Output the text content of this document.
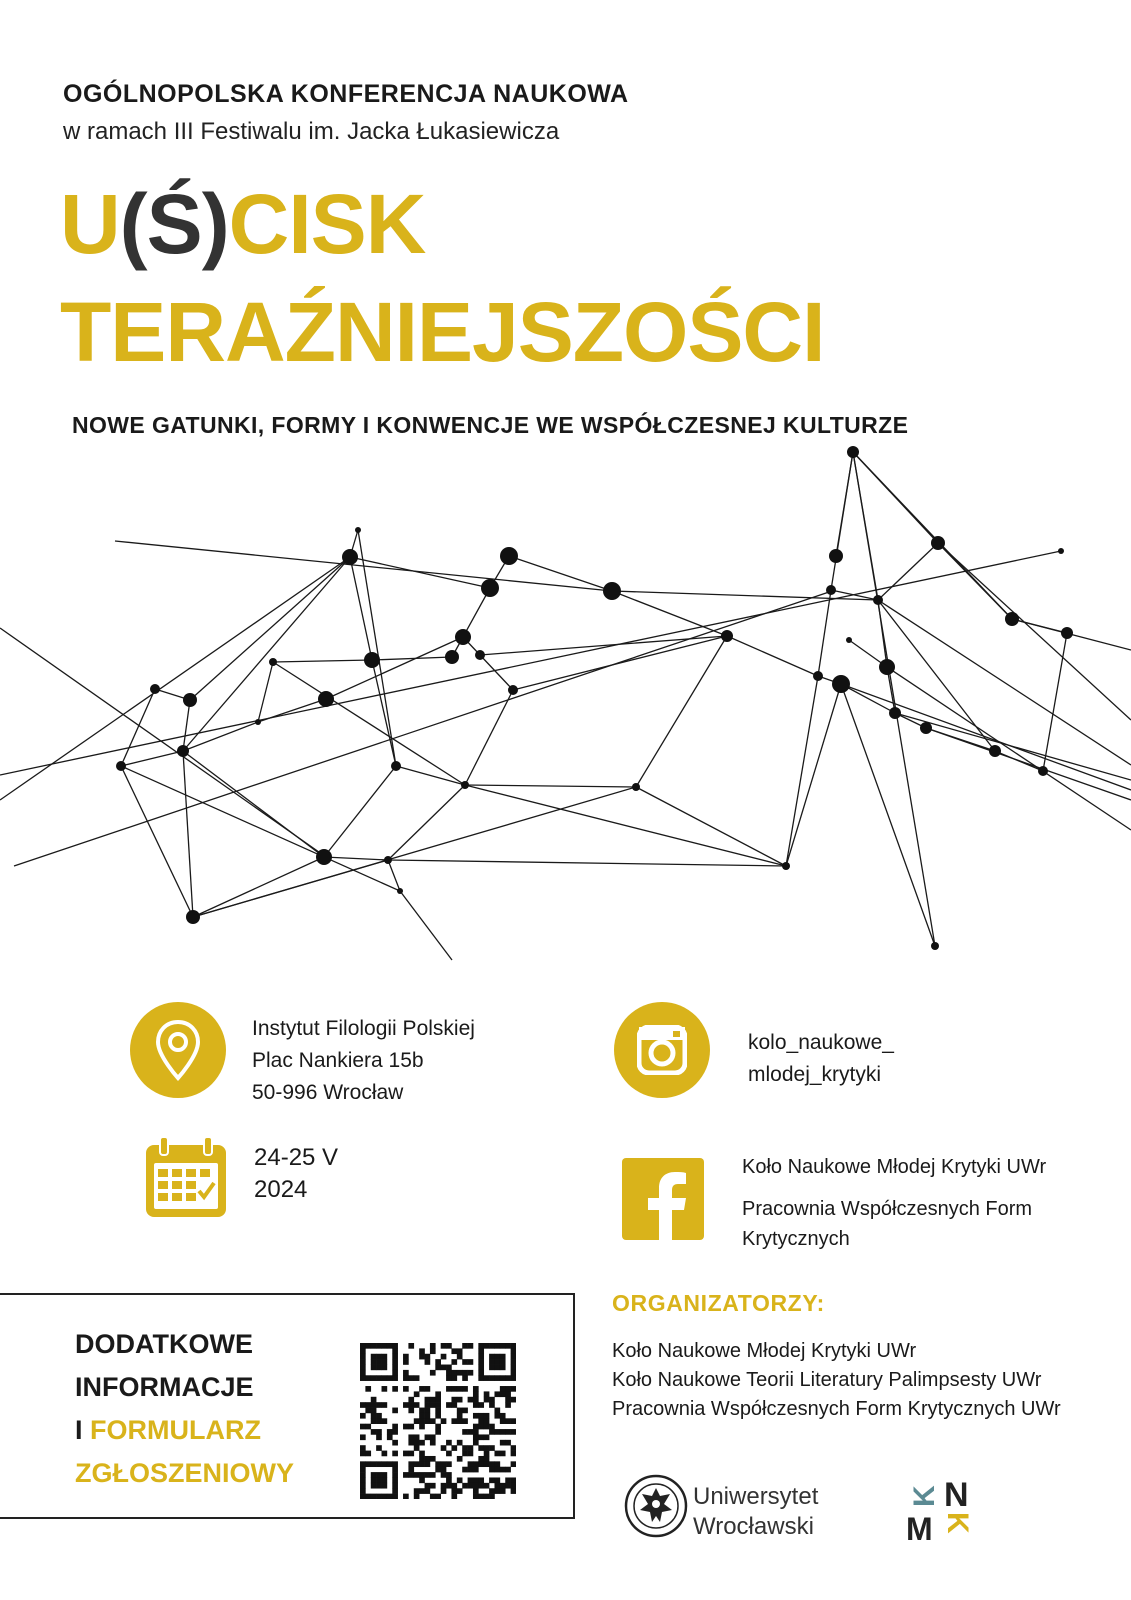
OGÓLNOPOLSKA KONFERENCJA NAUKOWA
w ramach III Festiwalu im. Jacka Łukasiewicza
U(Ś)CISK
TERAŹNIEJSZOŚCI
NOWE GATUNKI, FORMY I KONWENCJE WE WSPÓŁCZESNEJ KULTURZE
Instytut Filologii Polskiej
Plac Nankiera 15b
50-996 Wrocław
24-25 V
2024
kolo_naukowe_
mlodej_krytyki
Koło Naukowe Młodej Krytyki UWr
Pracownia Współczesnych Form
Krytycznych
DODATKOWE
INFORMACJE
I FORMULARZ
ZGŁOSZENIOWY
ORGANIZATORZY:
Koło Naukowe Młodej Krytyki UWr
Koło Naukowe Teorii Literatury Palimpsesty UWr
Pracownia Współczesnych Form Krytycznych UWr
Uniwersytet
Wrocławski
K N
M K
